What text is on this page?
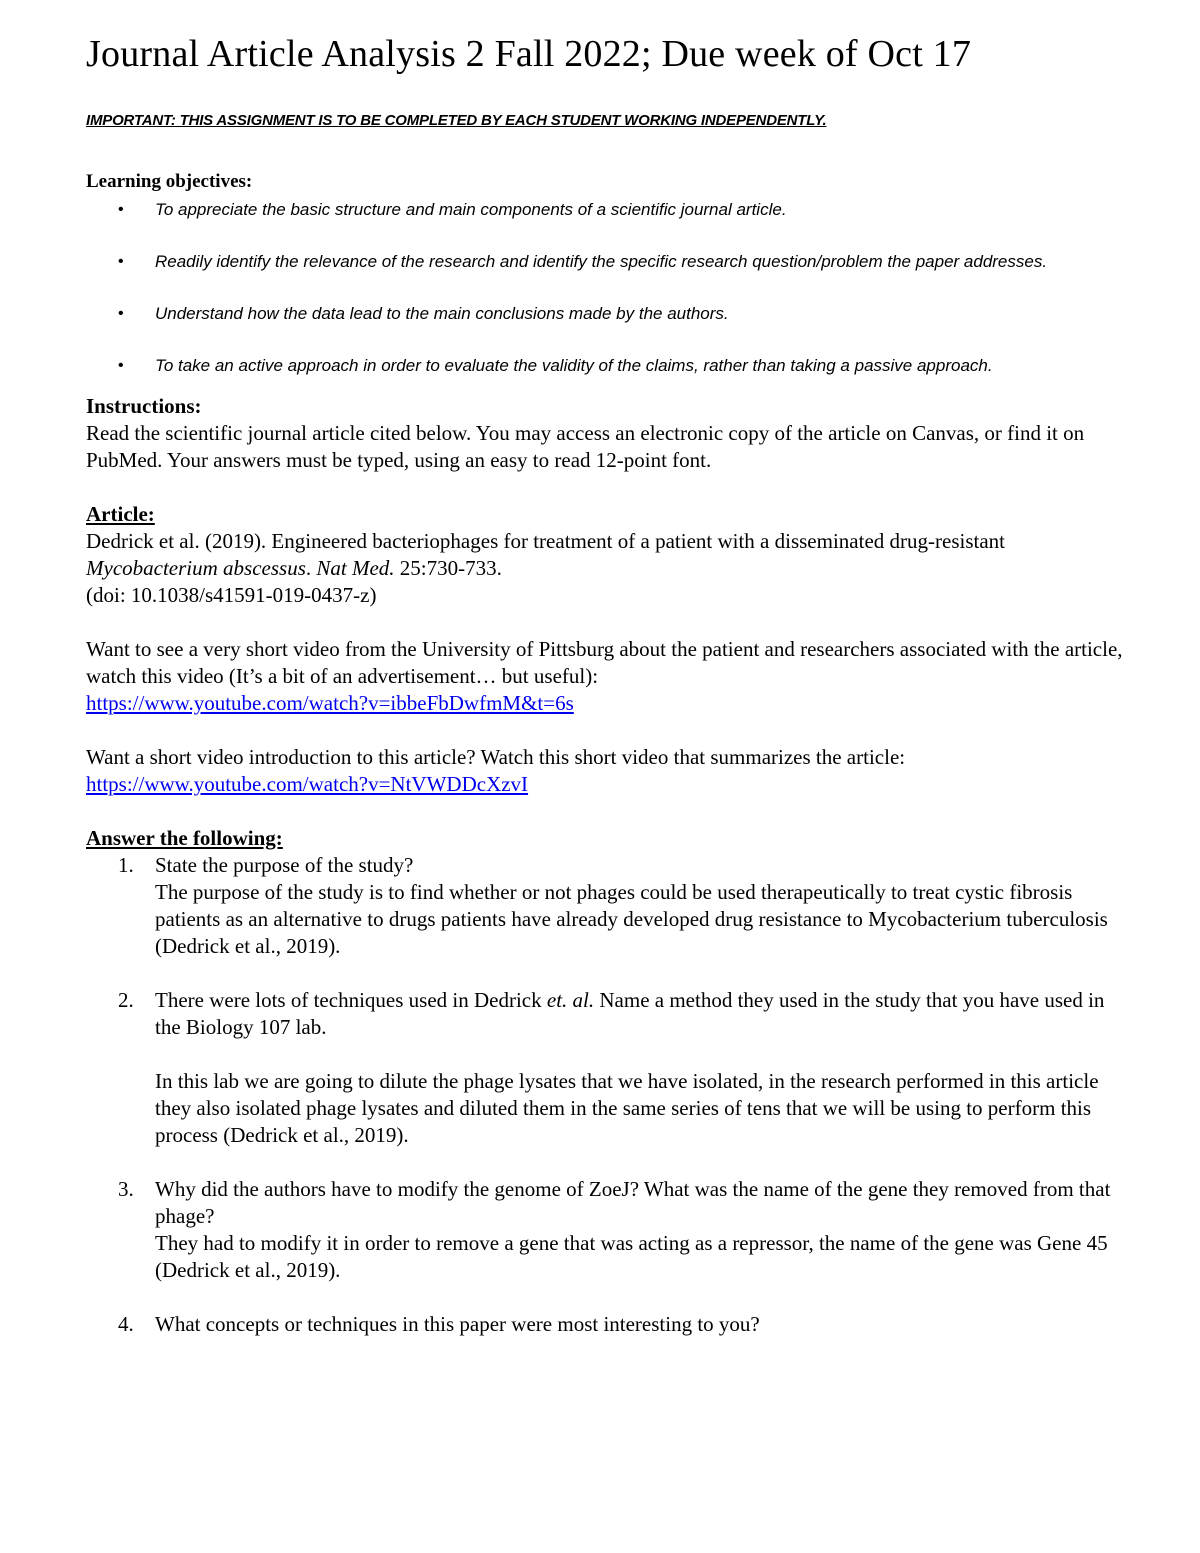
Journal Article Analysis 2 Fall 2022; Due week of Oct 17
IMPORTANT: THIS ASSIGNMENT IS TO BE COMPLETED BY EACH STUDENT WORKING INDEPENDENTLY.
Learning objectives:
• To appreciate the basic structure and main components of a scientific journal article.
• Readily identify the relevance of the research and identify the specific research question/problem the paper addresses.
• Understand how the data lead to the main conclusions made by the authors.
• To take an active approach in order to evaluate the validity of the claims, rather than taking a passive approach.
Instructions:
Read the scientific journal article cited below. You may access an electronic copy of the article on Canvas, or find it on PubMed. Your answers must be typed, using an easy to read 12-point font.
Article:
Dedrick et al. (2019). Engineered bacteriophages for treatment of a patient with a disseminated drug-resistant Mycobacterium abscessus. Nat Med. 25:730-733.
(doi: 10.1038/s41591-019-0437-z)
Want to see a very short video from the University of Pittsburg about the patient and researchers associated with the article, watch this video (It’s a bit of an advertisement… but useful):
https://www.youtube.com/watch?v=ibbeFbDwfmM&t=6s
Want a short video introduction to this article? Watch this short video that summarizes the article:
https://www.youtube.com/watch?v=NtVWDDcXzvI
Answer the following:
1. State the purpose of the study?
The purpose of the study is to find whether or not phages could be used therapeutically to treat cystic fibrosis patients as an alternative to drugs patients have already developed drug resistance to Mycobacterium tuberculosis (Dedrick et al., 2019).
2. There were lots of techniques used in Dedrick et. al. Name a method they used in the study that you have used in the Biology 107 lab.
In this lab we are going to dilute the phage lysates that we have isolated, in the research performed in this article they also isolated phage lysates and diluted them in the same series of tens that we will be using to perform this process (Dedrick et al., 2019).
3. Why did the authors have to modify the genome of ZoeJ? What was the name of the gene they removed from that phage?
They had to modify it in order to remove a gene that was acting as a repressor, the name of the gene was Gene 45 (Dedrick et al., 2019).
4. What concepts or techniques in this paper were most interesting to you?
